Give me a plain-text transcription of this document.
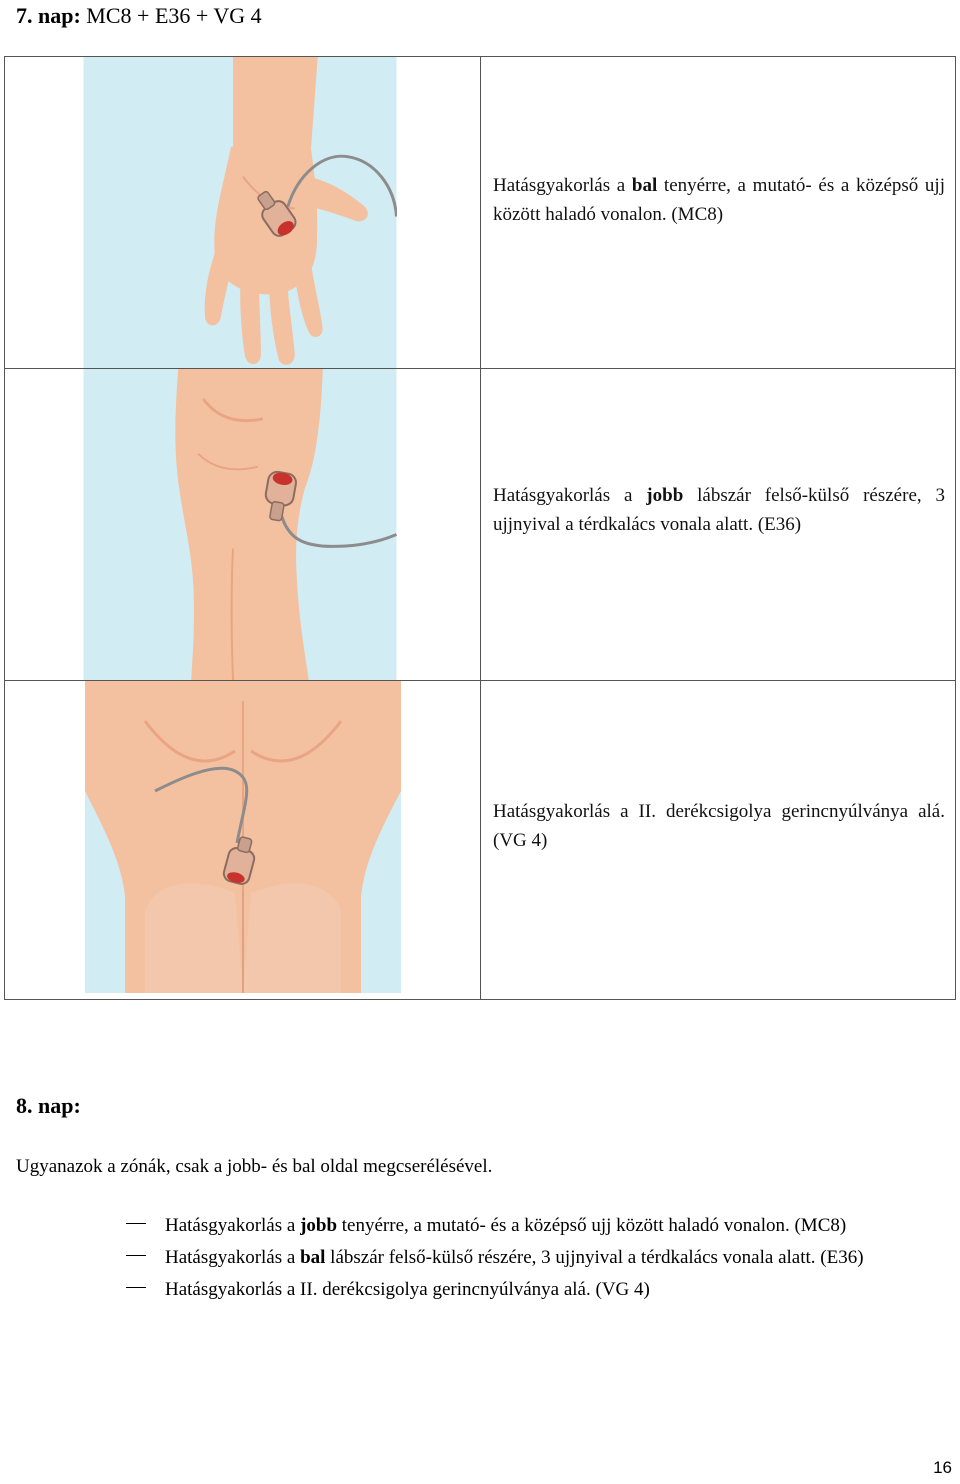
7. nap: MC8 + E36 + VG 4

Hatásgyakorlás a bal tenyérre, a mutató- és a középső ujj között haladó vonalon. (MC8)

Hatásgyakorlás a jobb lábszár felső-külső részére, 3 ujjnyival a térdkalács vonala alatt. (E36)

Hatásgyakorlás a II. derékcsigolya gerincnyúlványa alá. (VG 4)

8. nap:
Ugyanazok a zónák, csak a jobb- és bal oldal megcserélésével.
Hatásgyakorlás a jobb tenyérre, a mutató- és a középső ujj között haladó vonalon. (MC8)
Hatásgyakorlás a bal lábszár felső-külső részére, 3 ujjnyival a térdkalács vonala alatt. (E36)
Hatásgyakorlás a II. derékcsigolya gerincnyúlványa alá. (VG 4)
16
